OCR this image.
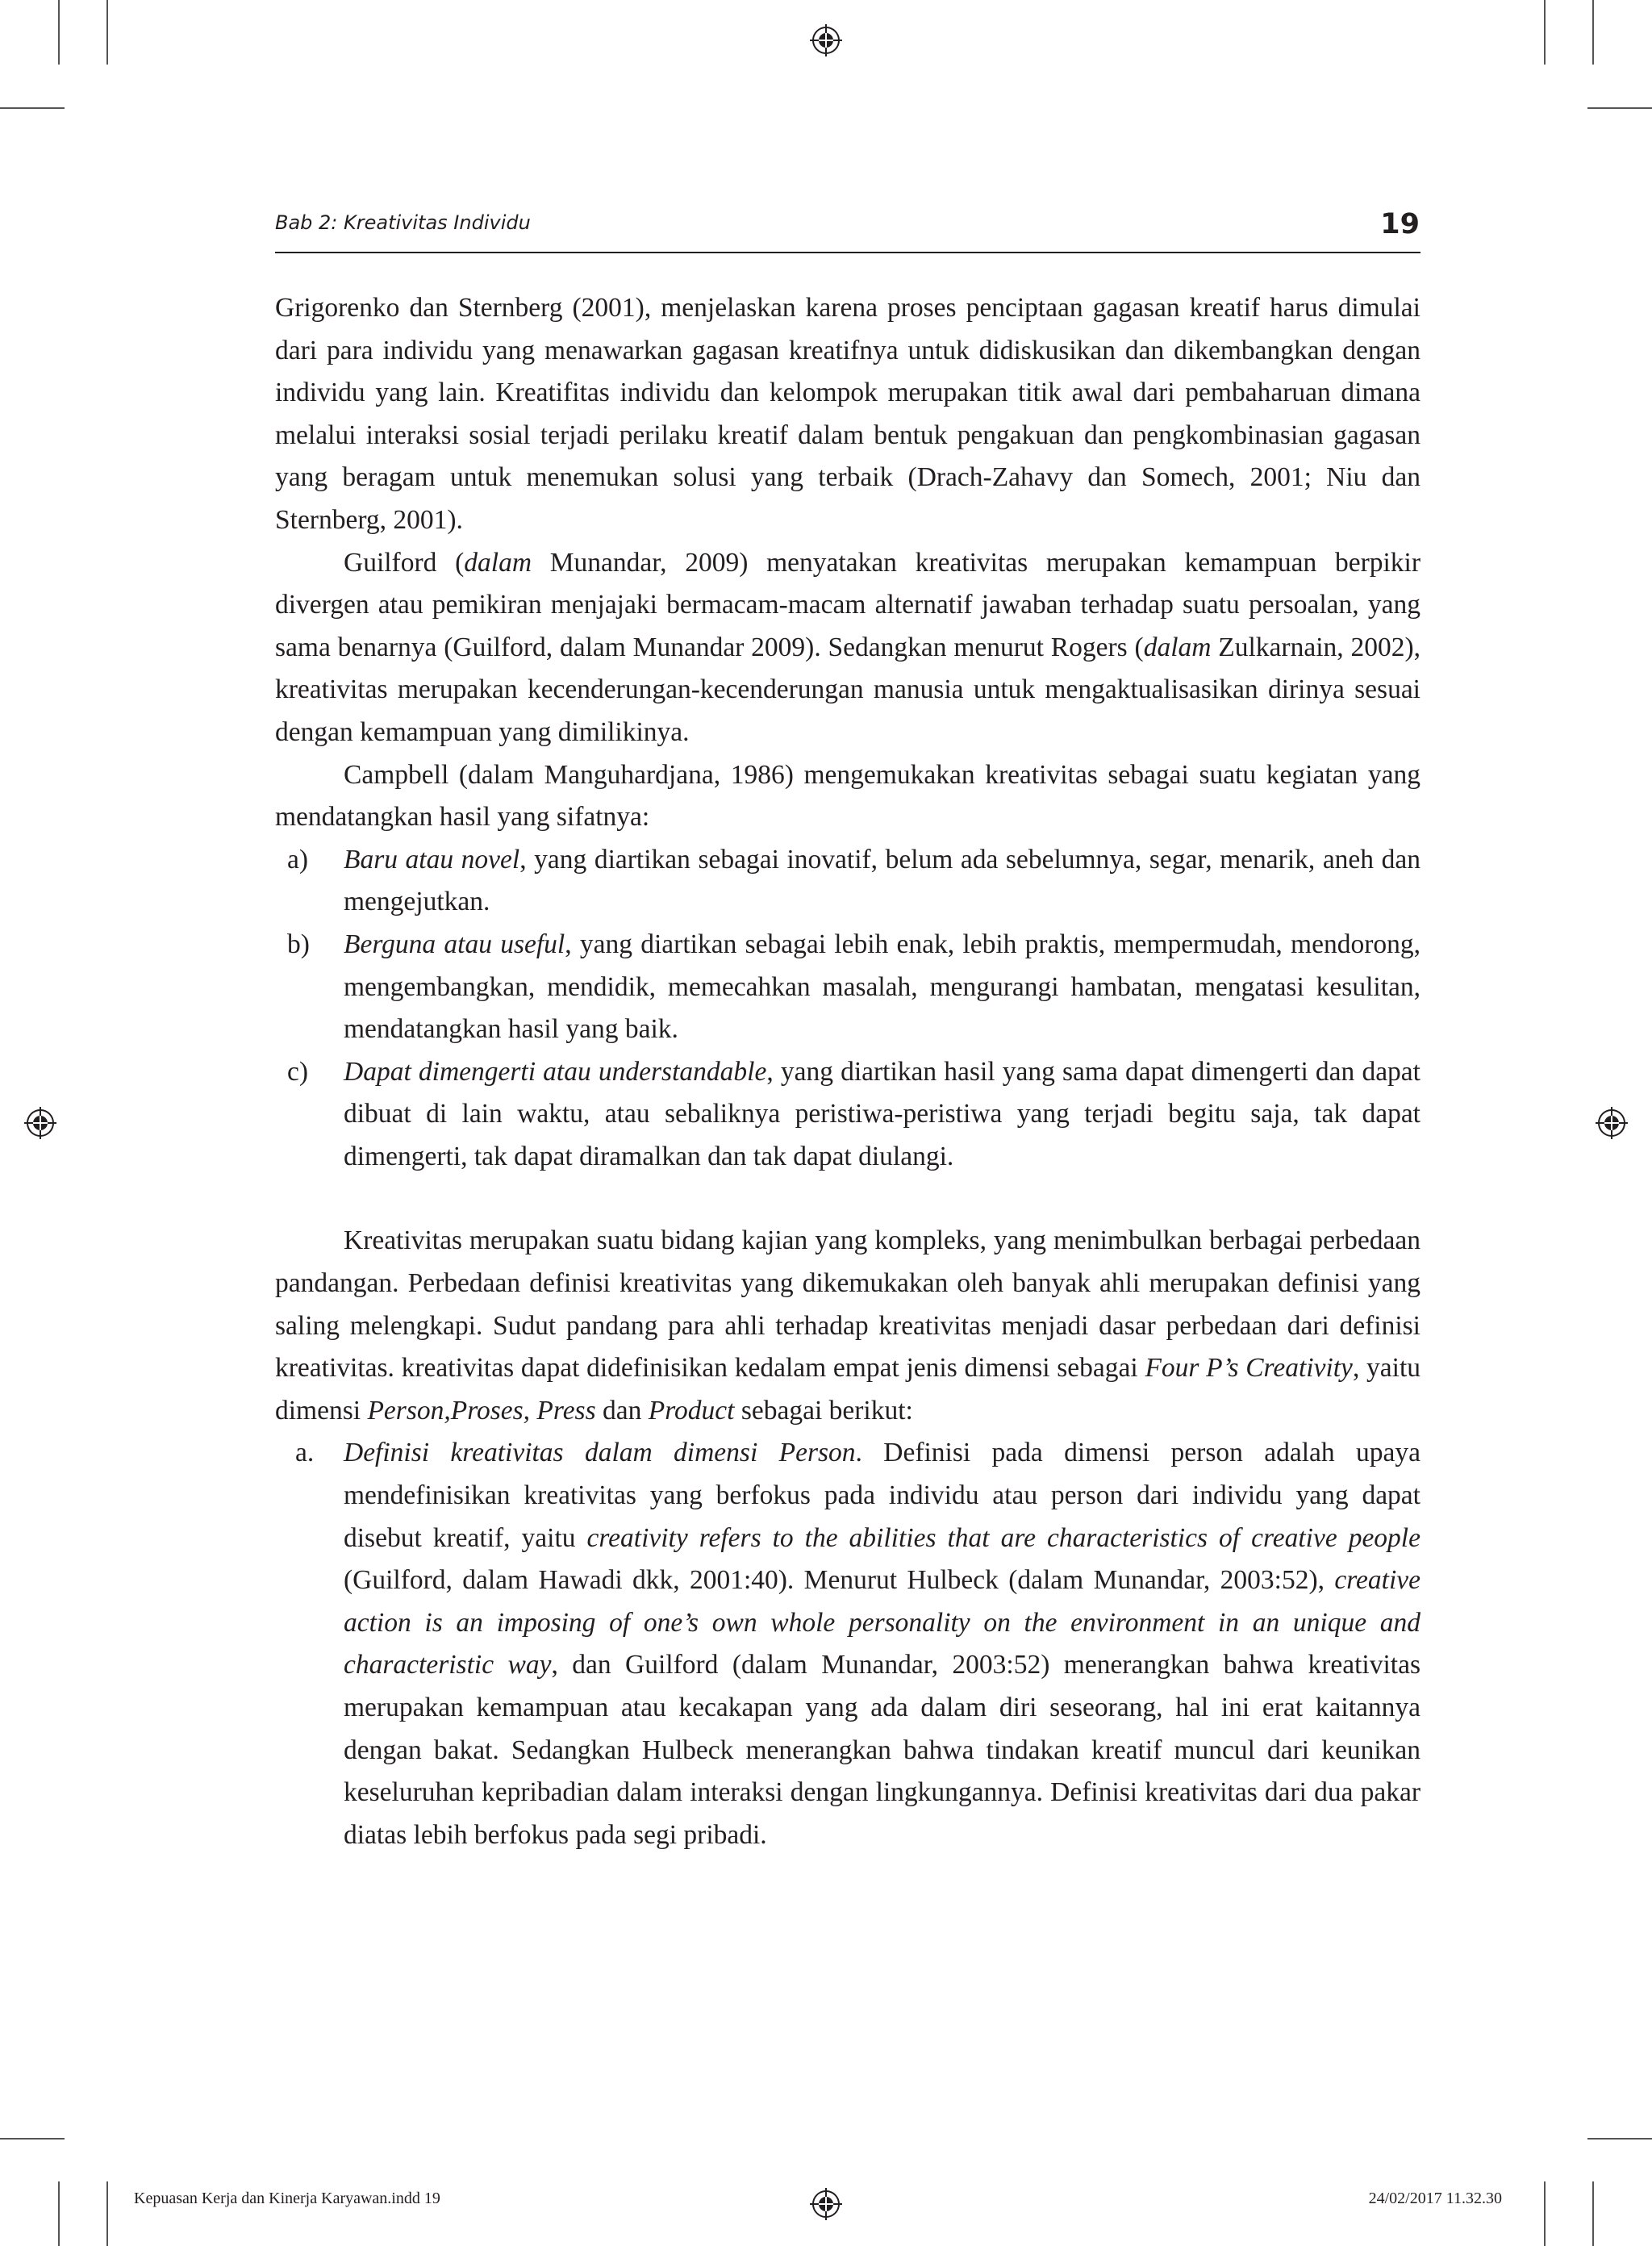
Bab 2: Kreativitas Individu	19

Grigorenko dan Sternberg (2001), menjelaskan karena proses penciptaan gagasan kreatif harus dimulai dari para individu yang menawarkan gagasan kreatifnya untuk didiskusikan dan dikembangkan dengan individu yang lain. Kreatifitas individu dan kelompok merupakan titik awal dari pembaharuan dimana melalui interaksi sosial terjadi perilaku kreatif dalam bentuk pengakuan dan pengkombinasian gagasan yang beragam untuk menemukan solusi yang terbaik (Drach-Zahavy dan Somech, 2001; Niu dan Sternberg, 2001).

Guilford (dalam Munandar, 2009) menyatakan kreativitas merupakan kemampuan berpikir divergen atau pemikiran menjajaki bermacam-macam alternatif jawaban terhadap suatu persoalan, yang sama benarnya (Guilford, dalam Munandar 2009). Sedangkan menurut Rogers (dalam Zulkarnain, 2002), kreativitas merupakan kecenderungan-kecenderungan manusia untuk mengaktualisasikan dirinya sesuai dengan kemampuan yang dimilikinya.

Campbell (dalam Manguhardjana, 1986) mengemukakan kreativitas sebagai suatu kegiatan yang mendatangkan hasil yang sifatnya:

a) Baru atau novel, yang diartikan sebagai inovatif, belum ada sebelumnya, segar, menarik, aneh dan mengejutkan.
b) Berguna atau useful, yang diartikan sebagai lebih enak, lebih praktis, mempermudah, mendorong, mengembangkan, mendidik, memecahkan masalah, mengurangi hambatan, mengatasi kesulitan, mendatangkan hasil yang baik.
c) Dapat dimengerti atau understandable, yang diartikan hasil yang sama dapat dimengerti dan dapat dibuat di lain waktu, atau sebaliknya peristiwa-peristiwa yang terjadi begitu saja, tak dapat dimengerti, tak dapat diramalkan dan tak dapat diulangi.

Kreativitas merupakan suatu bidang kajian yang kompleks, yang menimbulkan berbagai perbedaan pandangan. Perbedaan definisi kreativitas yang dikemukakan oleh banyak ahli merupakan definisi yang saling melengkapi. Sudut pandang para ahli terhadap kreativitas menjadi dasar perbedaan dari definisi kreativitas. kreativitas dapat didefinisikan kedalam empat jenis dimensi sebagai Four P’s Creativity, yaitu dimensi Person,Proses, Press dan Product sebagai berikut:

a. Definisi kreativitas dalam dimensi Person. Definisi pada dimensi person adalah upaya mendefinisikan kreativitas yang berfokus pada individu atau person dari individu yang dapat disebut kreatif, yaitu creativity refers to the abilities that are characteristics of creative people (Guilford, dalam Hawadi dkk, 2001:40). Menurut Hulbeck (dalam Munandar, 2003:52), creative action is an imposing of one’s own whole personality on the environment in an unique and characteristic way, dan Guilford (dalam Munandar, 2003:52) menerangkan bahwa kreativitas merupakan kemampuan atau kecakapan yang ada dalam diri seseorang, hal ini erat kaitannya dengan bakat. Sedangkan Hulbeck menerangkan bahwa tindakan kreatif muncul dari keunikan keseluruhan kepribadian dalam interaksi dengan lingkungannya. Definisi kreativitas dari dua pakar diatas lebih berfokus pada segi pribadi.
Kepuasan Kerja dan Kinerja Karyawan.indd 19	24/02/2017 11.32.30
